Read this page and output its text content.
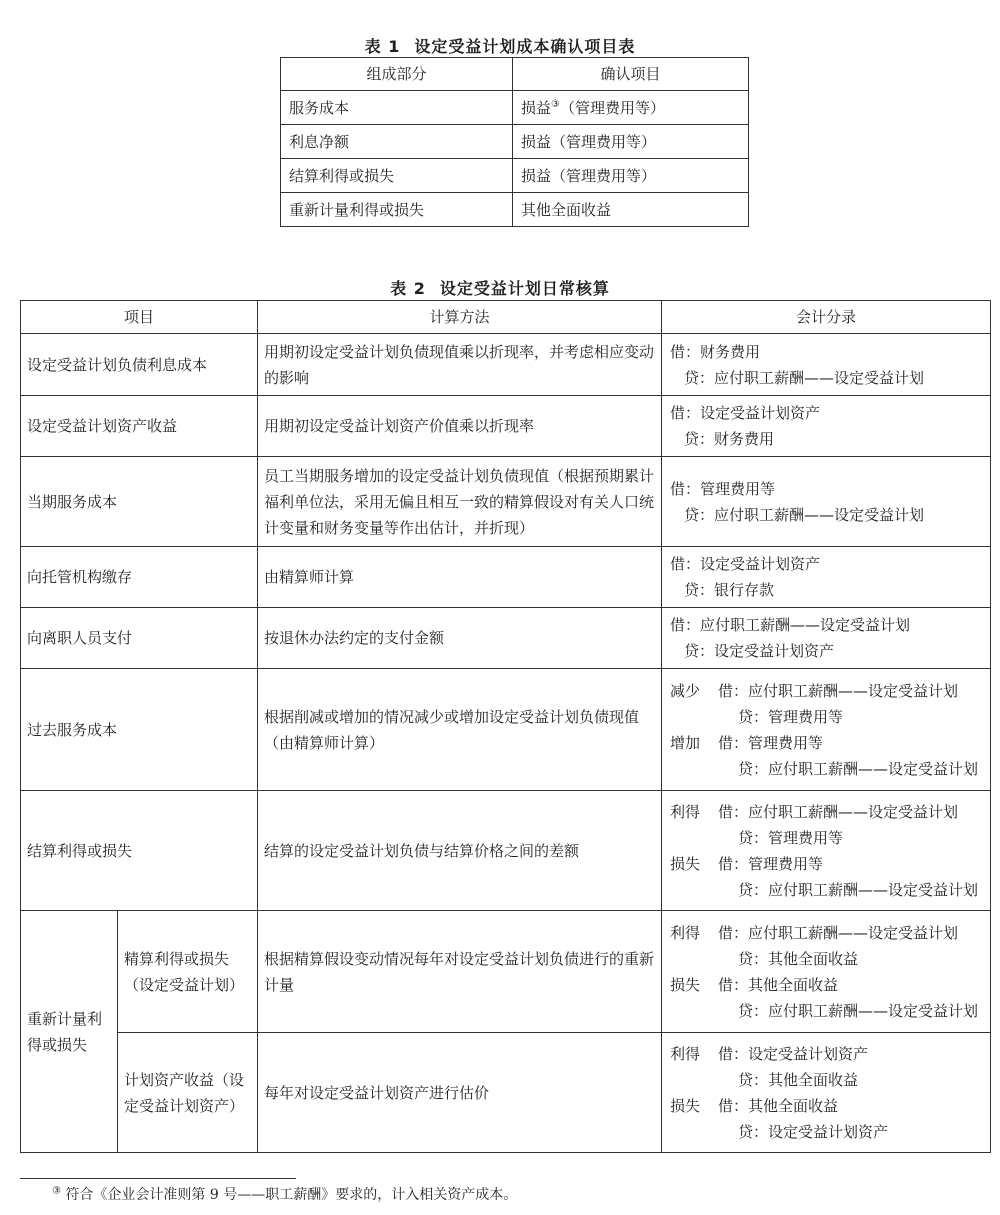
表 1 设定受益计划成本确认项目表
组成部分	确认项目
服务成本	损益③（管理费用等）
利息净额	损益（管理费用等）
结算利得或损失	损益（管理费用等）
重新计量利得或损失	其他全面收益
表 2 设定受益计划日常核算
项目		计算方法	会计分录
设定受益计划负债利息成本		用期初设定受益计划负债现值乘以折现率，并考虑相应变动的影响	借：财务费用
贷：应付职工薪酬——设定受益计划

设定受益计划资产收益		用期初设定受益计划资产价值乘以折现率	借：设定受益计划资产
贷：财务费用

当期服务成本		员工当期服务增加的设定受益计划负债现值（根据预期累计福利单位法，采用无偏且相互一致的精算假设对有关人口统计变量和财务变量等作出估计，并折现）	借：管理费用等
贷：应付职工薪酬——设定受益计划

向托管机构缴存		由精算师计算	借：设定受益计划资产
贷：银行存款

向离职人员支付		按退休办法约定的支付金额	借：应付职工薪酬——设定受益计划
贷：设定受益计划资产

过去服务成本		根据削减或增加的情况减少或增加设定受益计划负债现值（由精算师计算）	减少 借：应付职工薪酬——设定受益计划
贷：管理费用等
增加 借：管理费用等
贷：应付职工薪酬——设定受益计划

结算利得或损失		结算的设定受益计划负债与结算价格之间的差额	利得 借：应付职工薪酬——设定受益计划
贷：管理费用等
损失 借：管理费用等
贷：应付职工薪酬——设定受益计划

重新计量利得或损失	精算利得或损失（设定受益计划）	根据精算假设变动情况每年对设定受益计划负债进行的重新计量	利得 借：应付职工薪酬——设定受益计划
贷：其他全面收益
损失 借：其他全面收益
贷：应付职工薪酬——设定受益计划

	计划资产收益（设定受益计划资产）	每年对设定受益计划资产进行估价	利得 借：设定受益计划资产
贷：其他全面收益
损失 借：其他全面收益
贷：设定受益计划资产
③ 符合《企业会计准则第 9 号——职工薪酬》要求的，计入相关资产成本。
